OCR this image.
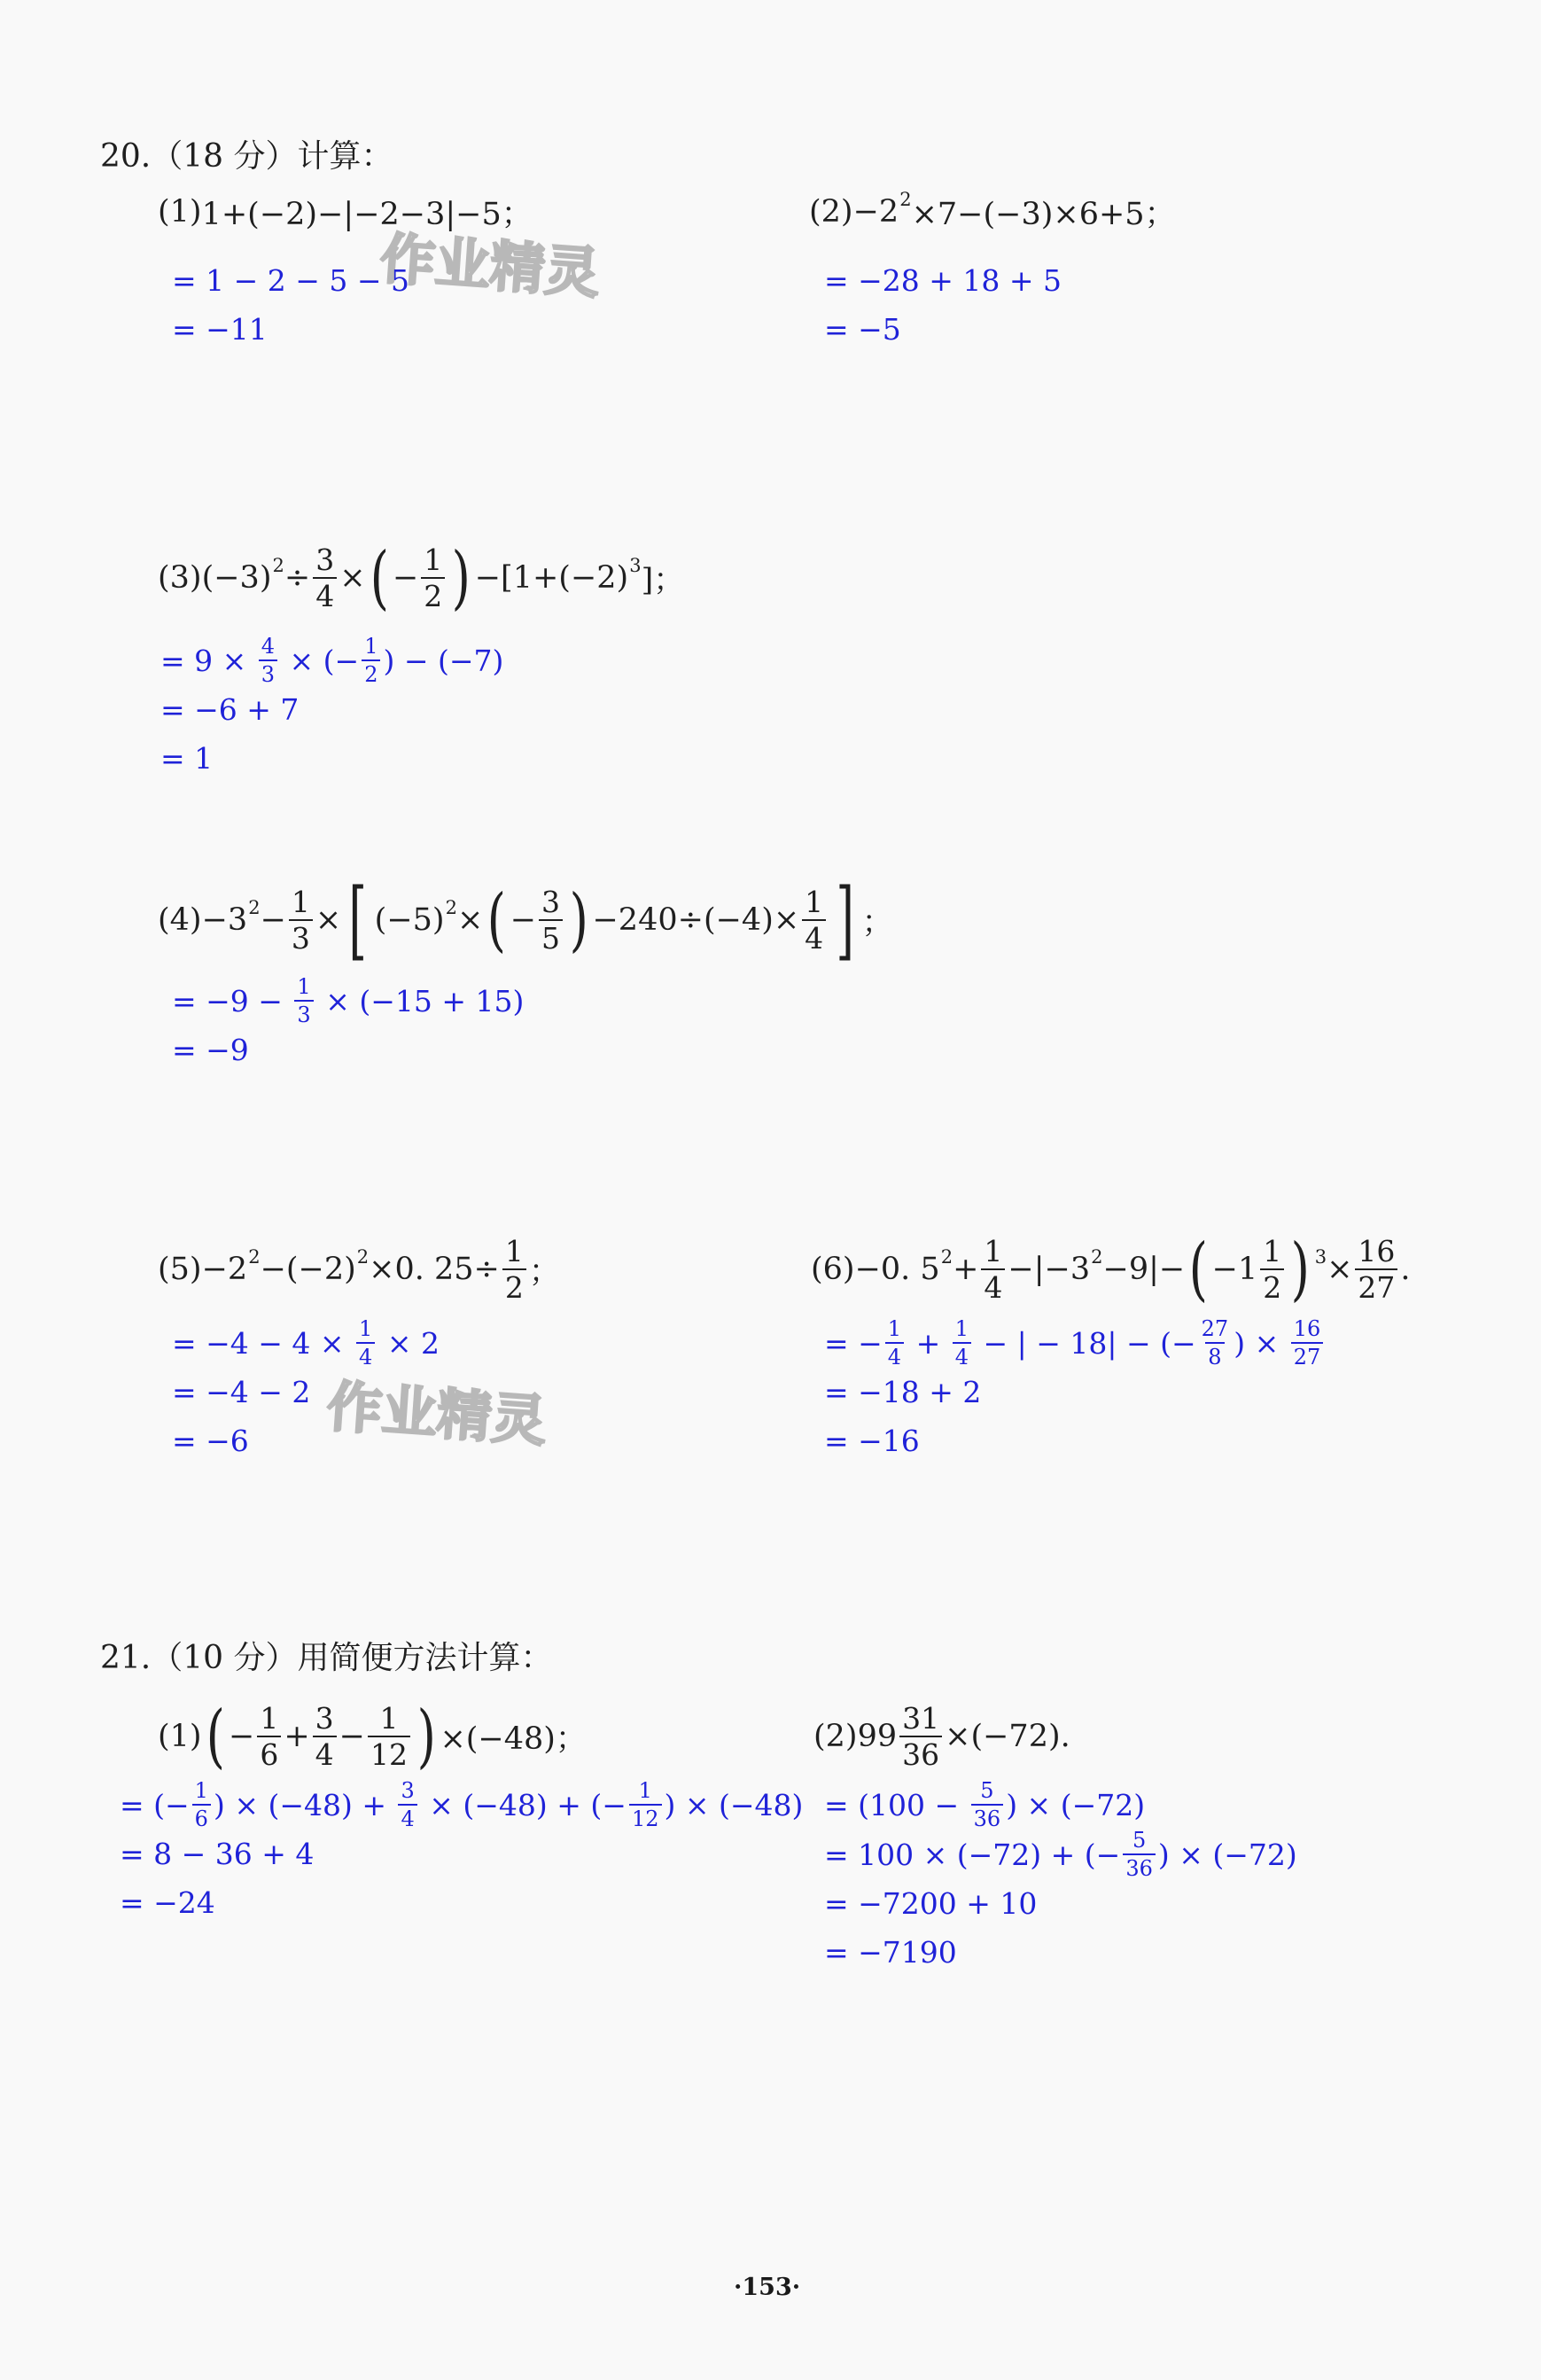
作业精灵
作业精灵
20.（18 分）计算：
(1) 1+(−2)−|−2−3|−5；
= 1 − 2 − 5 − 5
= −11
(2) −2 2 ×7−(−3)×6+5；
= −28 + 18 + 5
= −5
(3) (−3) $2 \div \frac{3}{4}$ × ( − $\frac{1}{2}$ ) − [1+(−2) 3 ]；
= $9 \times \frac{4}{3}$ × (− $\frac{1}{2}$ ) − (−7)
= −6 + 7
= 1
(4) −3 $2 - \frac{1}{3}$ × [ (−5) 2 × ( − $\frac{3}{5}$ ) $-240\div(-4)\times \frac{1}{4}$ ] ；
= $-9 - \frac{1}{3} \times (-15 + 15)$
= −9
(5) −2 2 −(−2) 2 ×0. $25\div \frac{1}{2}$ ；
= $-4 - 4 \times \frac{1}{4} \times 2$
= −4 − 2
= −6
(6) −0. 5 $2 + \frac{1}{4} -|-3$ 2 −9|− ( −1
1
2 ) $3 \times \frac{16}{27}$ .
= − $\frac{1}{4} + \frac{1}{4}$ − | − 18| − (− $\frac{27}{8}$ ) × $\frac{16}{27}$
= −18 + 2
= −16
21.（10 分）用简便方法计算：
(1) ( − $\frac{1}{6} + \frac{3}{4} - \frac{1}{12}$ ) ×(−48)；
= (− $\frac{1}{6}$ ) × $(-48) + \frac{3}{4} \times (-48)$ + (− $\frac{1}{12}$ ) × (−48)
= 8 − 36 + 4
= −24
(2) $99 \frac{31}{36} \times(-72)$.
= ($100 - \frac{5}{36}$ ) × (−72)
= 100 × (−72) + (− $\frac{5}{36}$ ) × (−72)
= −7200 + 10
= −7190
·153·
